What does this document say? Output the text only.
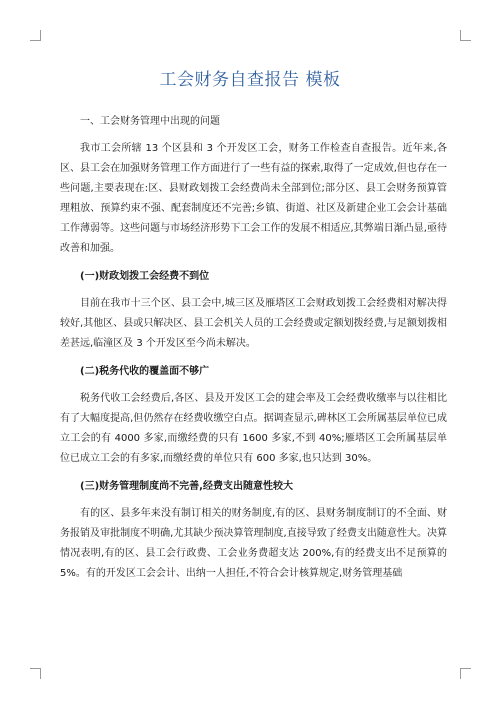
工会财务自查报告 模板

一、工会财务管理中出现的问题

我市工会所辖 13 个区县和 3 个开发区工会，财务工作检查自查报告。近年来,各区、县工会在加强财务管理工作方面进行了一些有益的探索,取得了一定成效,但也存在一些问题,主要表现在:区、县财政划拨工会经费尚未全部到位;部分区、县工会财务预算管理粗放、预算约束不强、配套制度还不完善;乡镇、街道、社区及新建企业工会会计基础工作薄弱等。这些问题与市场经济形势下工会工作的发展不相适应,其弊端日渐凸显,亟待改善和加强。

(一)财政划拨工会经费不到位

目前在我市十三个区、县工会中,城三区及雁塔区工会财政划拨工会经费相对解决得较好,其他区、县或只解决区、县工会机关人员的工会经费或定额划拨经费,与足额划拨相差甚远,临潼区及 3 个开发区至今尚未解决。

(二)税务代收的覆盖面不够广

税务代收工会经费后,各区、县及开发区工会的建会率及工会经费收缴率与以往相比有了大幅度提高,但仍然存在经费收缴空白点。据调查显示,碑林区工会所属基层单位已成立工会的有 4000 多家,而缴经费的只有 1600 多家,不到 40%;雁塔区工会所属基层单位已成立工会的有多家,而缴经费的单位只有 600 多家,也只达到 30%。

(三)财务管理制度尚不完善,经费支出随意性较大

有的区、县多年来没有制订相关的财务制度,有的区、县财务制度制订的不全面、财务报销及审批制度不明确,尤其缺少预决算管理制度,直接导致了经费支出随意性大。决算情况表明,有的区、县工会行政费、工会业务费超支达 200%,有的经费支出不足预算的 5%。有的开发区工会会计、出纳一人担任,不符合会计核算规定,财务管理基础
